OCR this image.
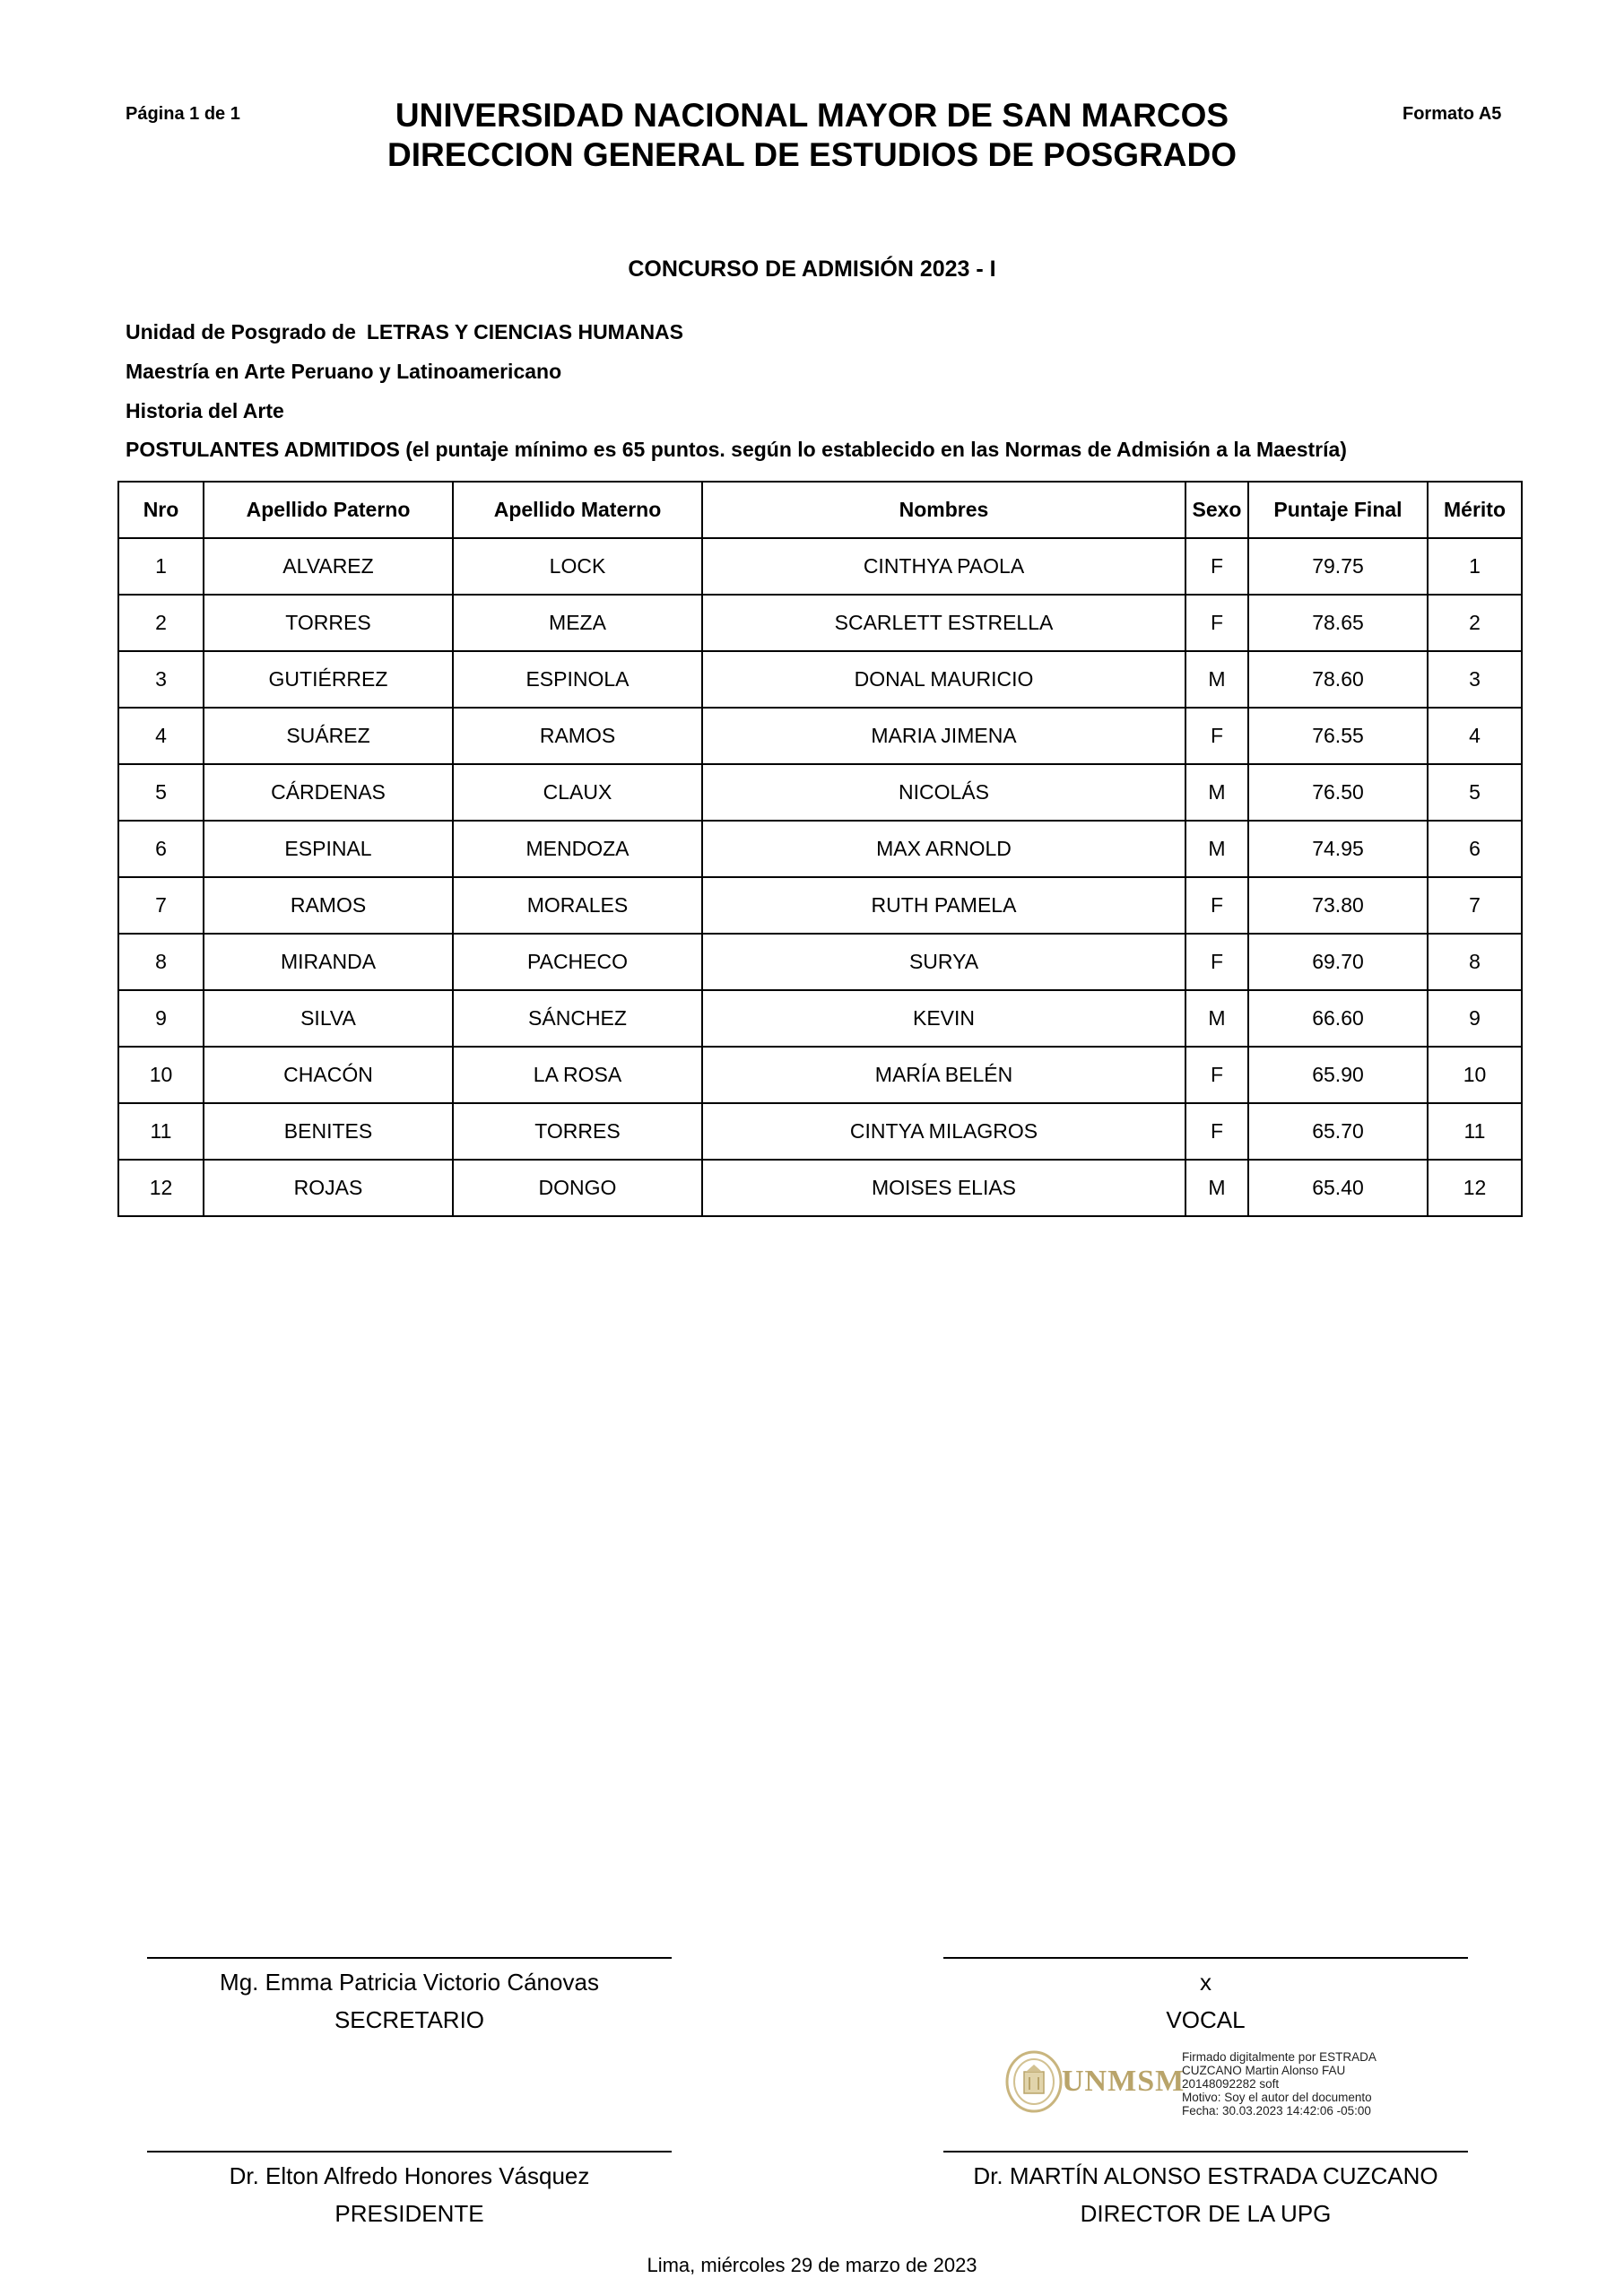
Página 1 de 1	Formato A5
UNIVERSIDAD NACIONAL MAYOR DE SAN MARCOS
DIRECCION GENERAL DE ESTUDIOS DE POSGRADO
CONCURSO DE ADMISIÓN 2023 - I
Unidad de Posgrado de LETRAS Y CIENCIAS HUMANAS
Maestría en Arte Peruano y Latinoamericano
Historia del Arte
POSTULANTES ADMITIDOS (el puntaje mínimo es 65 puntos. según lo establecido en las Normas de Admisión a la Maestría)
Nro	Apellido Paterno	Apellido Materno	Nombres	Sexo	Puntaje Final	Mérito
1	ALVAREZ	LOCK	CINTHYA PAOLA	F	79.75	1
2	TORRES	MEZA	SCARLETT ESTRELLA	F	78.65	2
3	GUTIÉRREZ	ESPINOLA	DONAL MAURICIO	M	78.60	3
4	SUÁREZ	RAMOS	MARIA JIMENA	F	76.55	4
5	CÁRDENAS	CLAUX	NICOLÁS	M	76.50	5
6	ESPINAL	MENDOZA	MAX ARNOLD	M	74.95	6
7	RAMOS	MORALES	RUTH PAMELA	F	73.80	7
8	MIRANDA	PACHECO	SURYA	F	69.70	8
9	SILVA	SÁNCHEZ	KEVIN	M	66.60	9
10	CHACÓN	LA ROSA	MARÍA BELÉN	F	65.90	10
11	BENITES	TORRES	CINTYA MILAGROS	F	65.70	11
12	ROJAS	DONGO	MOISES ELIAS	M	65.40	12
Mg. Emma Patricia Victorio Cánovas
SECRETARIO
x
VOCAL
UNMSM
Firmado digitalmente por ESTRADA
CUZCANO Martin Alonso FAU
20148092282 soft
Motivo: Soy el autor del documento
Fecha: 30.03.2023 14:42:06 -05:00
Dr. Elton Alfredo Honores Vásquez
PRESIDENTE
Dr. MARTÍN ALONSO ESTRADA CUZCANO
DIRECTOR DE LA UPG
Lima, miércoles 29 de marzo de 2023
